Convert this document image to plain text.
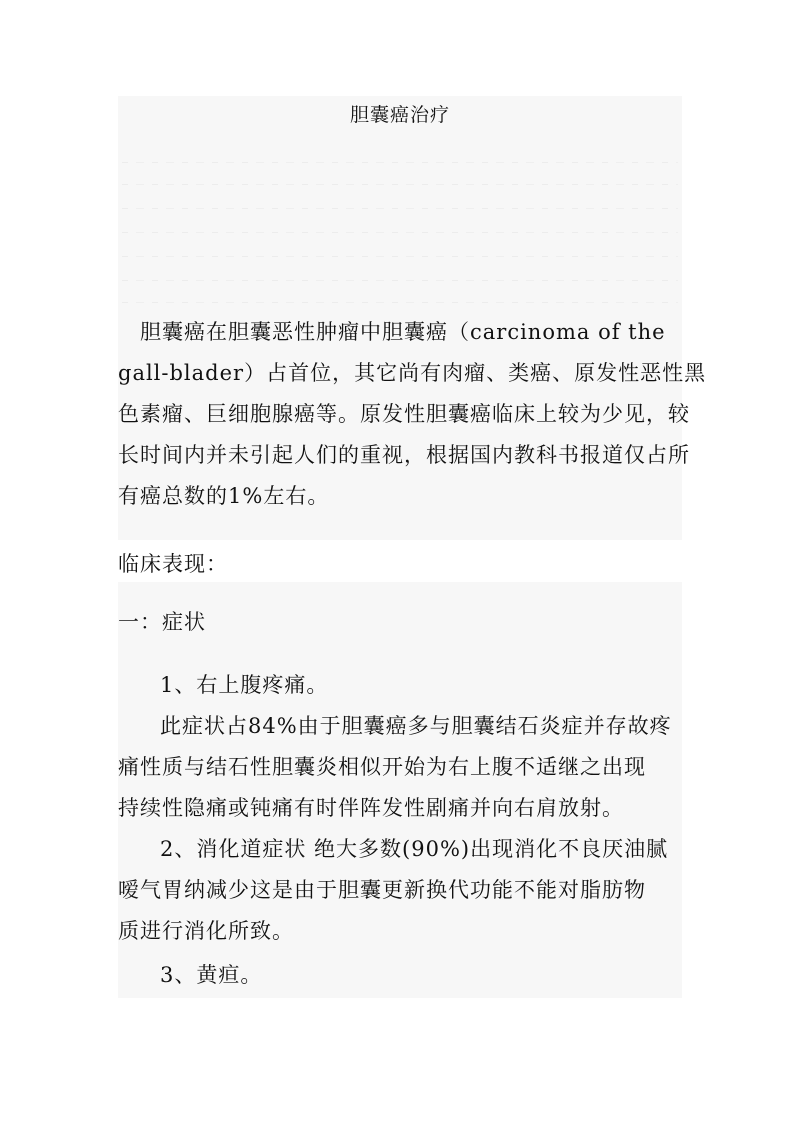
胆囊癌治疗
胆囊癌在胆囊恶性肿瘤中胆囊癌（carcinoma of the
gall-blader）占首位，其它尚有肉瘤、类癌、原发性恶性黑
色素瘤、巨细胞腺癌等。原发性胆囊癌临床上较为少见，较
长时间内并未引起人们的重视，根据国内教科书报道仅占所
有癌总数的1%左右。
临床表现：
一：症状
1、右上腹疼痛。
此症状占84%由于胆囊癌多与胆囊结石炎症并存故疼
痛性质与结石性胆囊炎相似开始为右上腹不适继之出现
持续性隐痛或钝痛有时伴阵发性剧痛并向右肩放射。
2、消化道症状 绝大多数(90%)出现消化不良厌油腻
嗳气胃纳减少这是由于胆囊更新换代功能不能对脂肪物
质进行消化所致。
3、黄疸。
